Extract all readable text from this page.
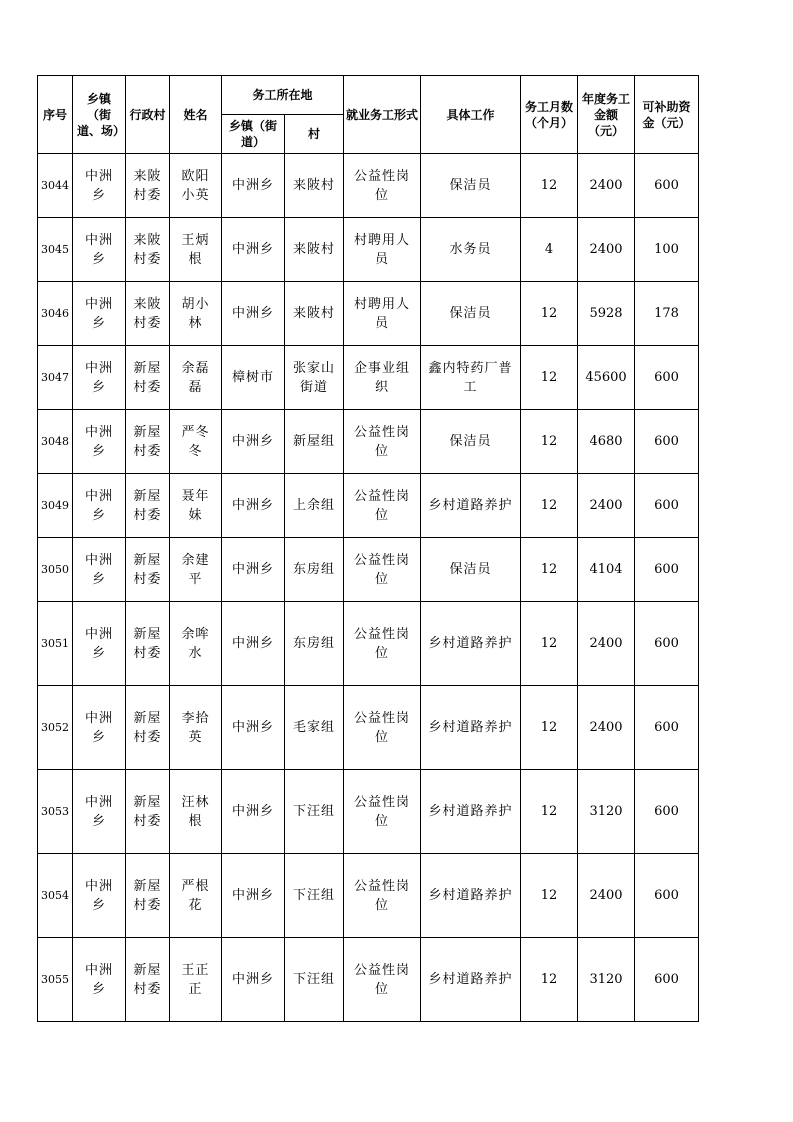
序号	乡镇（街道、场）	行政村	姓名	务工所在地		就业务工形式	具体工作	务工月数（个月）	年度务工金额（元）	可补助资金（元）
				乡镇（街道）	村					
3044	中洲乡	来陂村委	欧阳小英	中洲乡	来陂村	公益性岗位	保洁员	12	2400	600
3045	中洲乡	来陂村委	王炳根	中洲乡	来陂村	村聘用人员	水务员	4	2400	100
3046	中洲乡	来陂村委	胡小林	中洲乡	来陂村	村聘用人员	保洁员	12	5928	178
3047	中洲乡	新屋村委	余磊磊	樟树市	张家山街道	企事业组织	鑫内特药厂普工	12	45600	600
3048	中洲乡	新屋村委	严冬冬	中洲乡	新屋组	公益性岗位	保洁员	12	4680	600
3049	中洲乡	新屋村委	聂年妹	中洲乡	上余组	公益性岗位	乡村道路养护	12	2400	600
3050	中洲乡	新屋村委	余建平	中洲乡	东房组	公益性岗位	保洁员	12	4104	600
3051	中洲乡	新屋村委	余哞水	中洲乡	东房组	公益性岗位	乡村道路养护	12	2400	600
3052	中洲乡	新屋村委	李拾英	中洲乡	毛家组	公益性岗位	乡村道路养护	12	2400	600
3053	中洲乡	新屋村委	汪林根	中洲乡	下汪组	公益性岗位	乡村道路养护	12	3120	600
3054	中洲乡	新屋村委	严根花	中洲乡	下汪组	公益性岗位	乡村道路养护	12	2400	600
3055	中洲乡	新屋村委	王正正	中洲乡	下汪组	公益性岗位	乡村道路养护	12	3120	600
